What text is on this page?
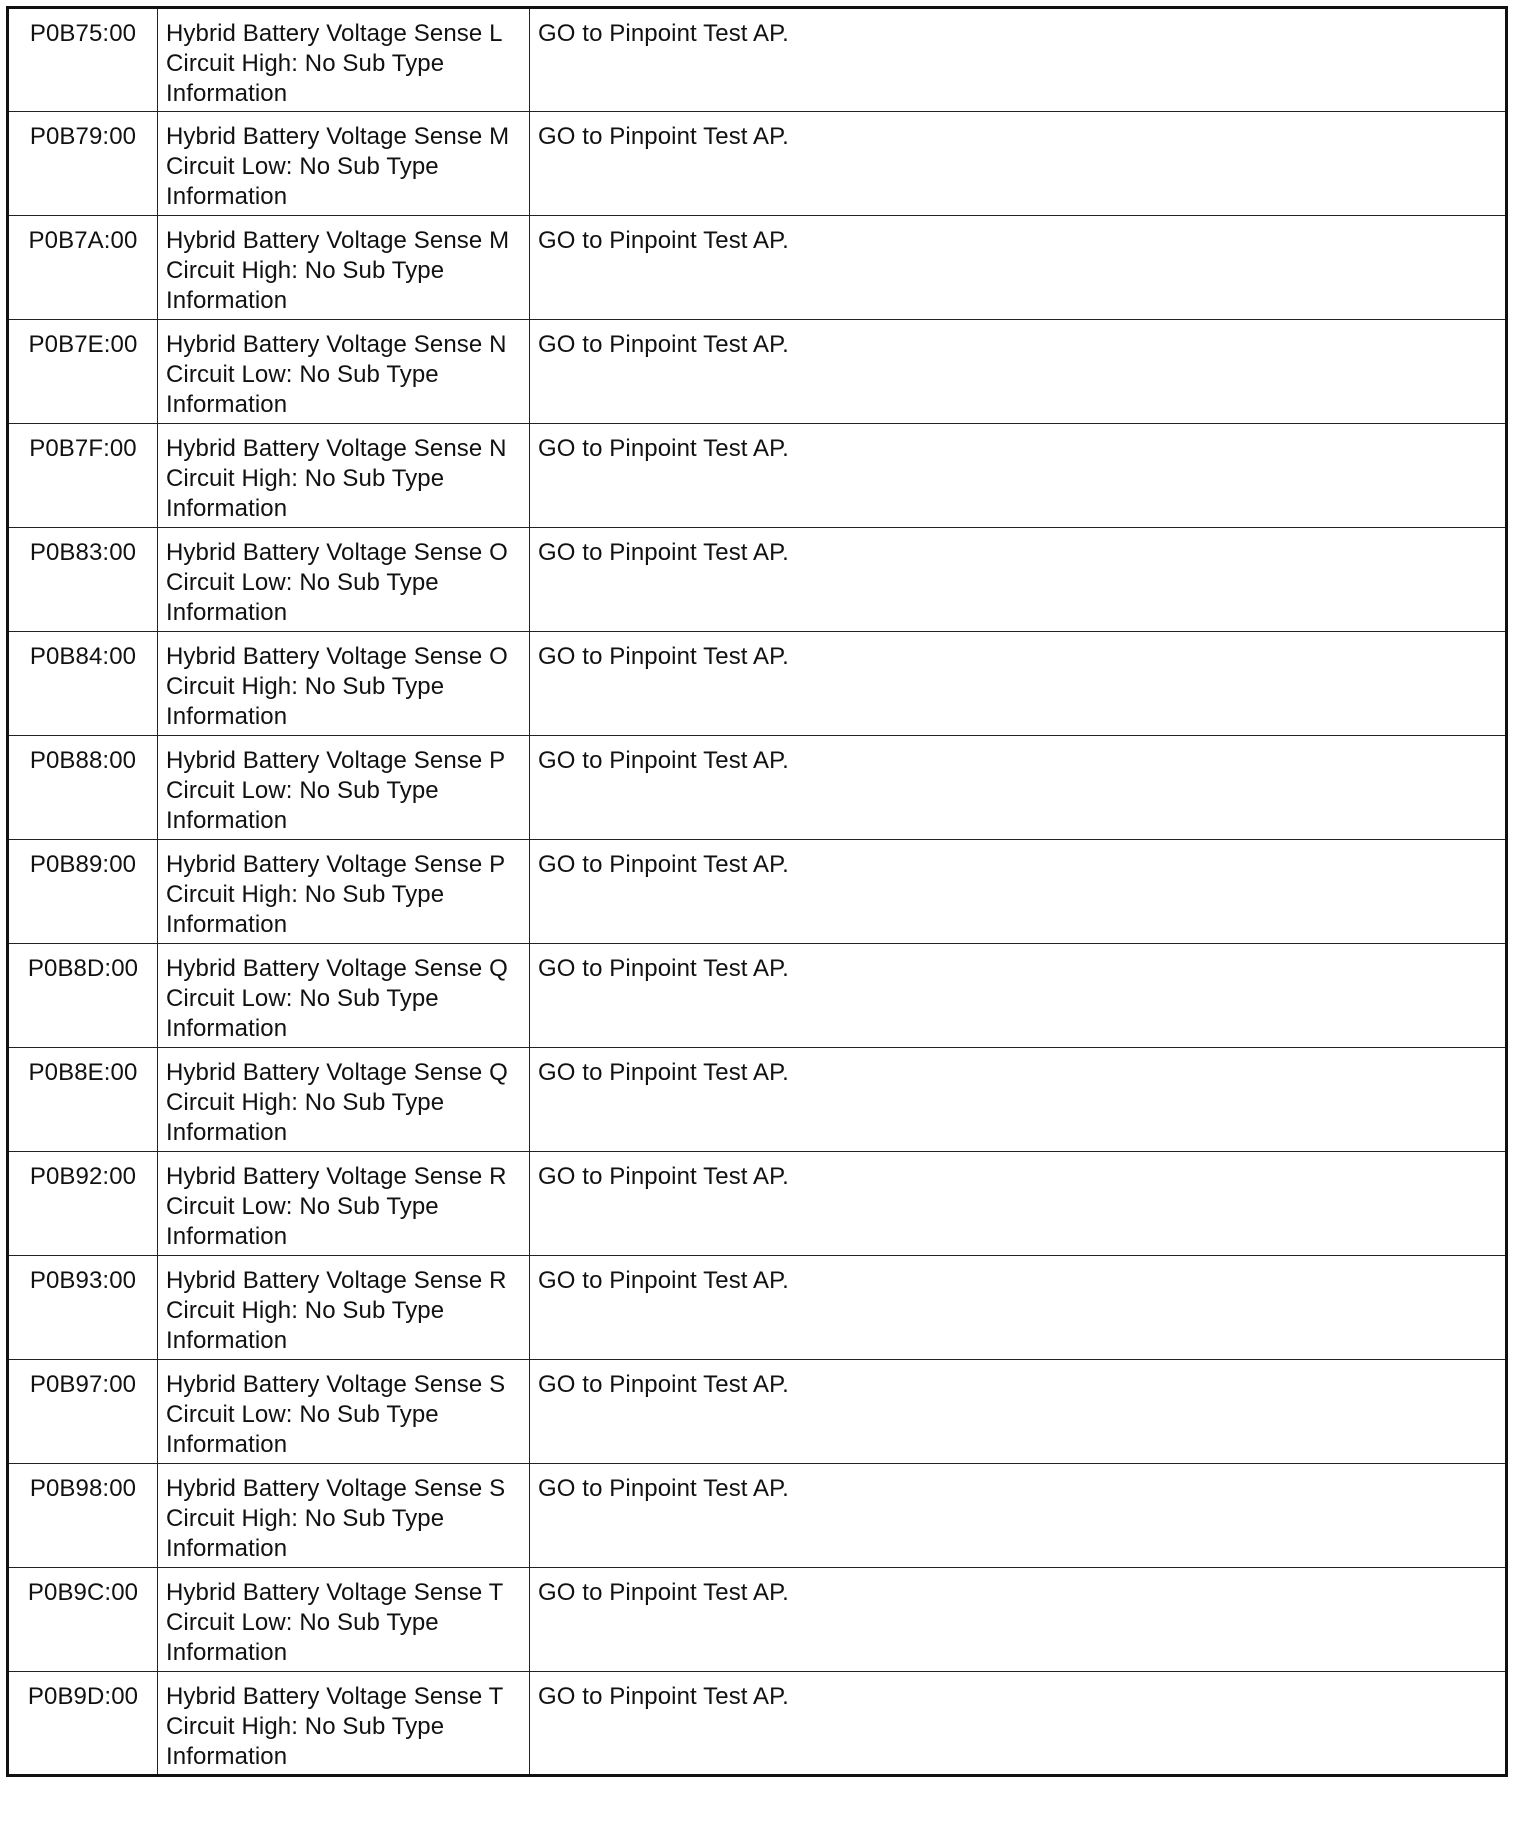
P0B75:00	Hybrid Battery Voltage Sense L Circuit High: No Sub Type Information	GO to Pinpoint Test AP.
P0B79:00	Hybrid Battery Voltage Sense M Circuit Low: No Sub Type Information	GO to Pinpoint Test AP.
P0B7A:00	Hybrid Battery Voltage Sense M Circuit High: No Sub Type Information	GO to Pinpoint Test AP.
P0B7E:00	Hybrid Battery Voltage Sense N Circuit Low: No Sub Type Information	GO to Pinpoint Test AP.
P0B7F:00	Hybrid Battery Voltage Sense N Circuit High: No Sub Type Information	GO to Pinpoint Test AP.
P0B83:00	Hybrid Battery Voltage Sense O Circuit Low: No Sub Type Information	GO to Pinpoint Test AP.
P0B84:00	Hybrid Battery Voltage Sense O Circuit High: No Sub Type Information	GO to Pinpoint Test AP.
P0B88:00	Hybrid Battery Voltage Sense P Circuit Low: No Sub Type Information	GO to Pinpoint Test AP.
P0B89:00	Hybrid Battery Voltage Sense P Circuit High: No Sub Type Information	GO to Pinpoint Test AP.
P0B8D:00	Hybrid Battery Voltage Sense Q Circuit Low: No Sub Type Information	GO to Pinpoint Test AP.
P0B8E:00	Hybrid Battery Voltage Sense Q Circuit High: No Sub Type Information	GO to Pinpoint Test AP.
P0B92:00	Hybrid Battery Voltage Sense R Circuit Low: No Sub Type Information	GO to Pinpoint Test AP.
P0B93:00	Hybrid Battery Voltage Sense R Circuit High: No Sub Type Information	GO to Pinpoint Test AP.
P0B97:00	Hybrid Battery Voltage Sense S Circuit Low: No Sub Type Information	GO to Pinpoint Test AP.
P0B98:00	Hybrid Battery Voltage Sense S Circuit High: No Sub Type Information	GO to Pinpoint Test AP.
P0B9C:00	Hybrid Battery Voltage Sense T Circuit Low: No Sub Type Information	GO to Pinpoint Test AP.
P0B9D:00	Hybrid Battery Voltage Sense T Circuit High: No Sub Type Information	GO to Pinpoint Test AP.
